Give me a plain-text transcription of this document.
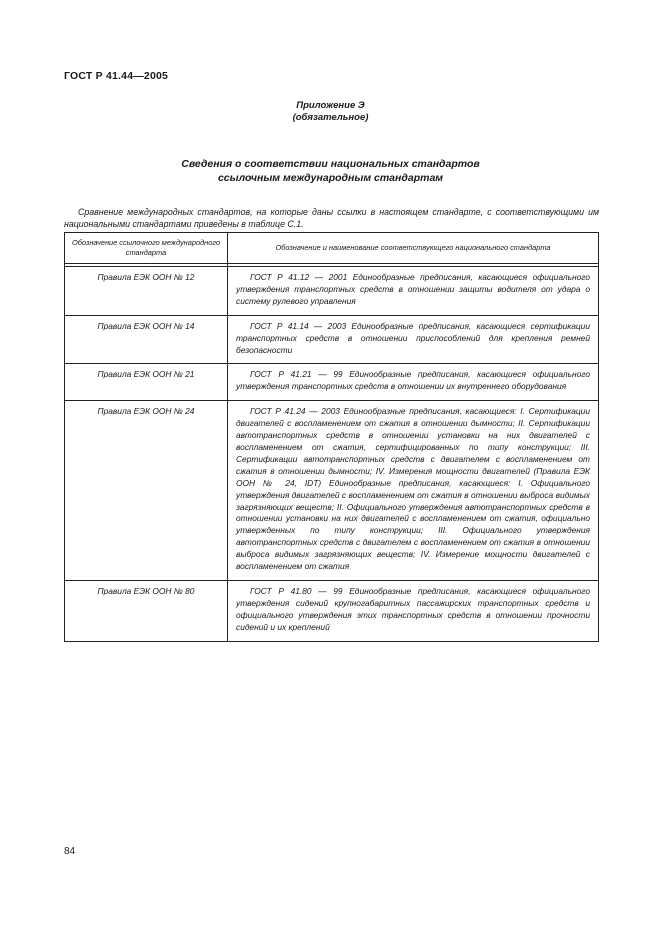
ГОСТ Р 41.44—2005
Приложение Э
(обязательное)
Сведения о соответствии национальных стандартов
ссылочным международным стандартам

Сравнение международных стандартов, на которые даны ссылки в настоящем стандарте, с соответствующими им национальными стандартами приведены в таблице С.1.

Обозначение ссылочного международного стандарта	Обозначение и наименование соответствующего национального стандарта

Правила ЕЭК ООН № 12	ГОСТ Р 41.12 — 2001 Единообразные предписания, касающиеся официального утверждения транспортных средств в отношении защиты водителя от удара о систему рулевого управления
Правила ЕЭК ООН № 14	ГОСТ Р 41.14 — 2003 Единообразные предписания, касающиеся сертификации транспортных средств в отношении приспособлений для крепления ремней безопасности
Правила ЕЭК ООН № 21	ГОСТ Р 41.21 — 99 Единообразные предписания, касающиеся официального утверждения транспортных средств в отношении их внутреннего оборудования
Правила ЕЭК ООН № 24	ГОСТ Р 41.24 — 2003 Единообразные предписания, касающиеся: I. Сертификации двигателей с воспламенением от сжатия в отношении дымности; II. Сертификации автотранспортных средств в отношении установки на них двигателей с воспламенением от сжатия, сертифицированных по типу конструкции; III. Сертификации автотранспортных средств с двигателем с воспламенением от сжатия в отношении дымности; IV. Измерения мощности двигателей (Правила ЕЭК ООН № 24, IDT) Единообразные предписания, касающиеся: I. Официального утверждения двигателей с воспламенением от сжатия в отношении выброса видимых загрязняющих веществ; II. Официального утверждения автотранспортных средств в отношении установки на них двигателей с воспламенением от сжатия, официально утвержденных по типу конструкции; III. Официального утверждения автотранспортных средств с двигателем с воспламенением от сжатия в отношении выброса видимых загрязняющих веществ; IV. Измерение мощности двигателей с воспламенением от сжатия
Правила ЕЭК ООН № 80	ГОСТ Р 41.80 — 99 Единообразные предписания, касающиеся официального утверждения сидений крупногабаритных пассажирских транспортных средств и официального утверждения этих транспортных средств в отношении прочности сидений и их креплений
84
